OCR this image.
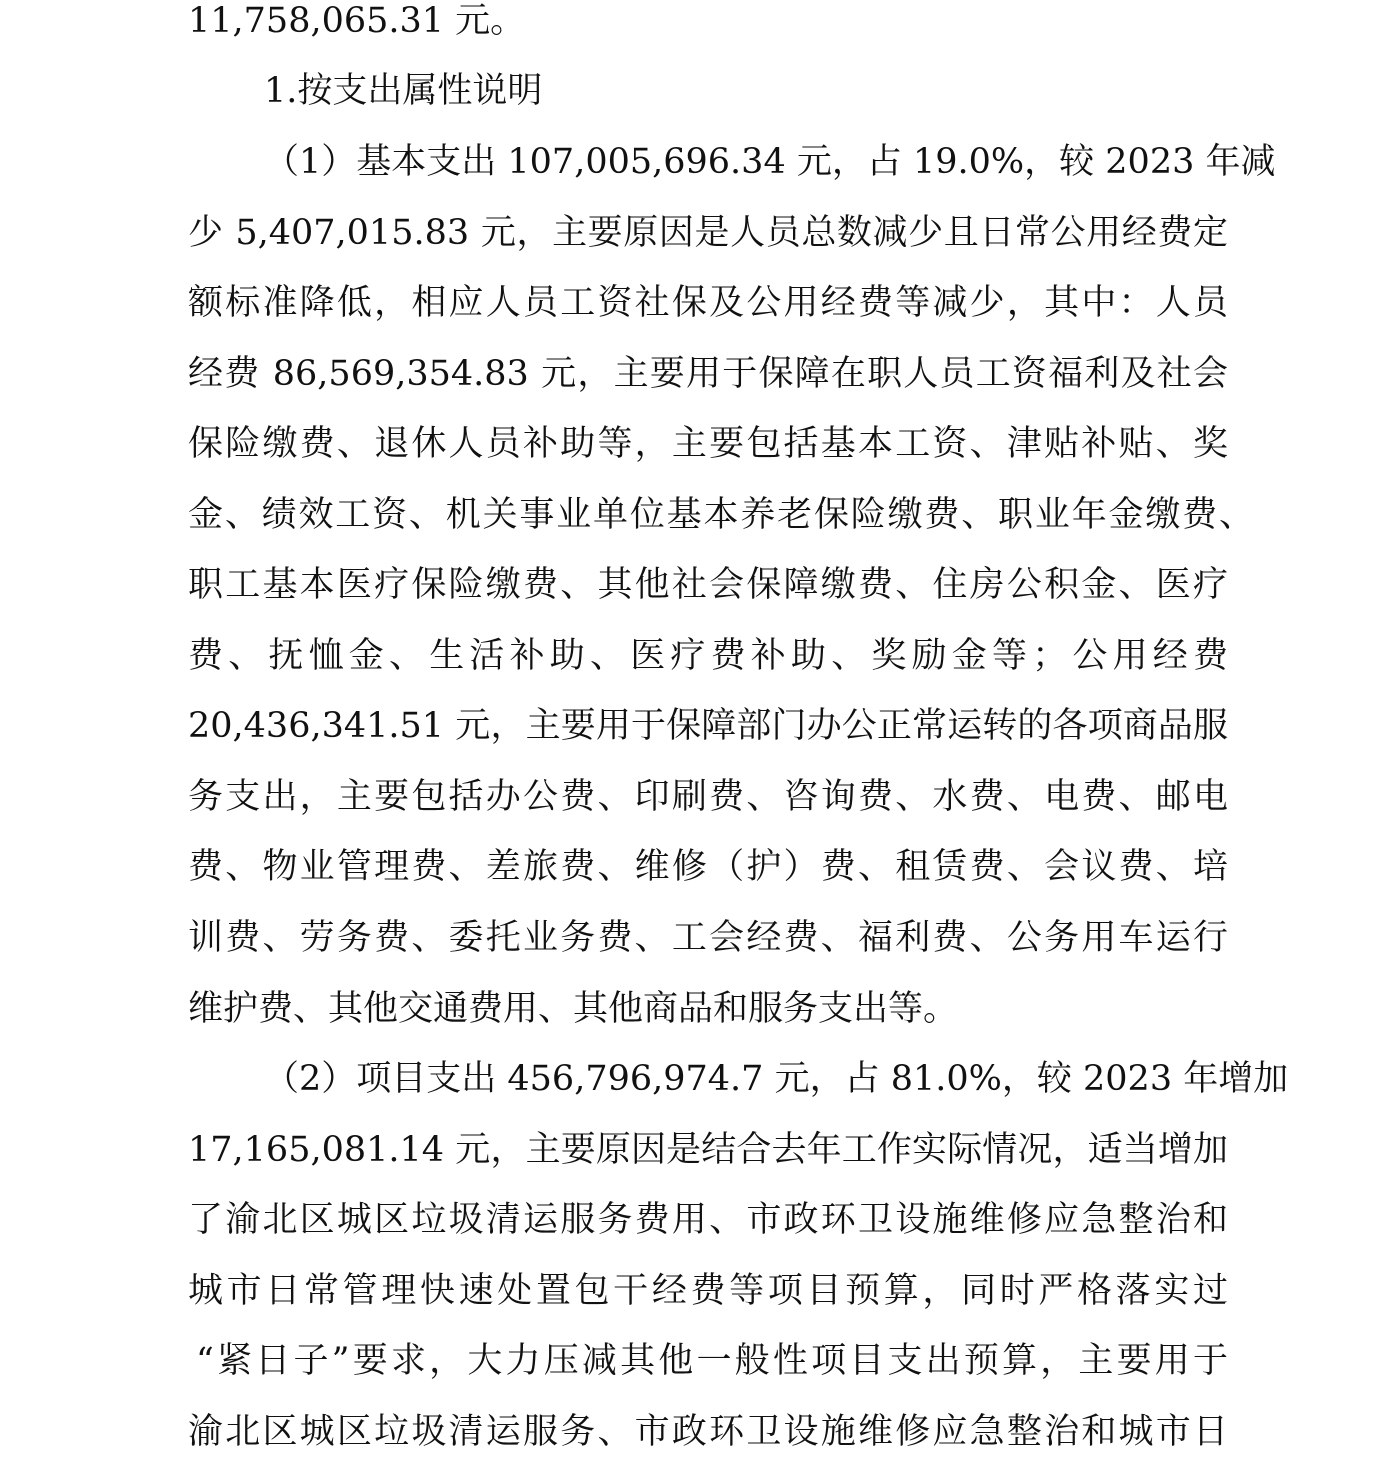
11,758,065.31 元。
1.按支出属性说明
（1）基本支出 107,005,696.34 元，占 19.0%，较 2023 年减
少 5,407,015.83 元，主要原因是人员总数减少且日常公用经费定
额标准降低，相应人员工资社保及公用经费等减少，其中：人员
经费 86,569,354.83 元，主要用于保障在职人员工资福利及社会
保险缴费、退休人员补助等，主要包括基本工资、津贴补贴、奖
金、绩效工资、机关事业单位基本养老保险缴费、职业年金缴费、
职工基本医疗保险缴费、其他社会保障缴费、住房公积金、医疗
费、抚恤金、生活补助、医疗费补助、奖励金等；公用经费
20,436,341.51 元，主要用于保障部门办公正常运转的各项商品服
务支出，主要包括办公费、印刷费、咨询费、水费、电费、邮电
费、物业管理费、差旅费、维修（护）费、租赁费、会议费、培
训费、劳务费、委托业务费、工会经费、福利费、公务用车运行
维护费、其他交通费用、其他商品和服务支出等。
（2）项目支出 456,796,974.7 元，占 81.0%，较 2023 年增加
17,165,081.14 元，主要原因是结合去年工作实际情况，适当增加
了渝北区城区垃圾清运服务费用、市政环卫设施维修应急整治和
城市日常管理快速处置包干经费等项目预算，同时严格落实过
“紧日子”要求，大力压减其他一般性项目支出预算，主要用于
渝北区城区垃圾清运服务、市政环卫设施维修应急整治和城市日
